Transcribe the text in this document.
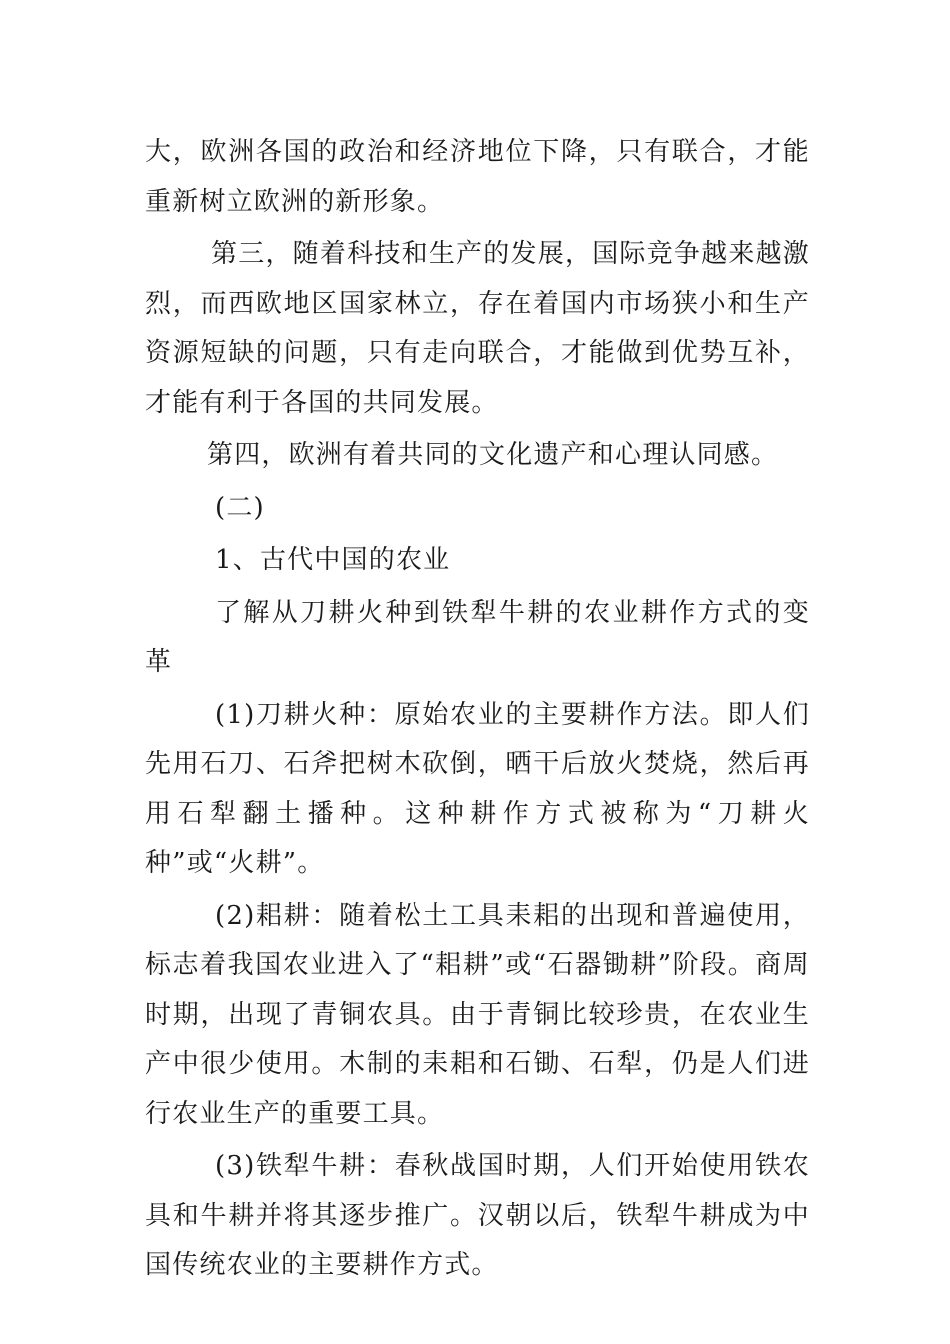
大，欧洲各国的政治和经济地位下降，只有联合，才能重新树立欧洲的新形象。

第三，随着科技和生产的发展，国际竞争越来越激烈，而西欧地区国家林立，存在着国内市场狭小和生产资源短缺的问题，只有走向联合，才能做到优势互补，才能有利于各国的共同发展。

第四，欧洲有着共同的文化遗产和心理认同感。

(二)

1、古代中国的农业

了解从刀耕火种到铁犁牛耕的农业耕作方式的变革

(1)刀耕火种：原始农业的主要耕作方法。即人们先用石刀、石斧把树木砍倒，晒干后放火焚烧，然后再用石犁翻土播种。这种耕作方式被称为“刀耕火种”或“火耕”。

(2)耜耕：随着松土工具耒耜的出现和普遍使用，标志着我国农业进入了“耜耕”或“石器锄耕”阶段。商周时期，出现了青铜农具。由于青铜比较珍贵，在农业生产中很少使用。木制的耒耜和石锄、石犁，仍是人们进行农业生产的重要工具。

(3)铁犁牛耕：春秋战国时期，人们开始使用铁农具和牛耕并将其逐步推广。汉朝以后，铁犁牛耕成为中国传统农业的主要耕作方式。
